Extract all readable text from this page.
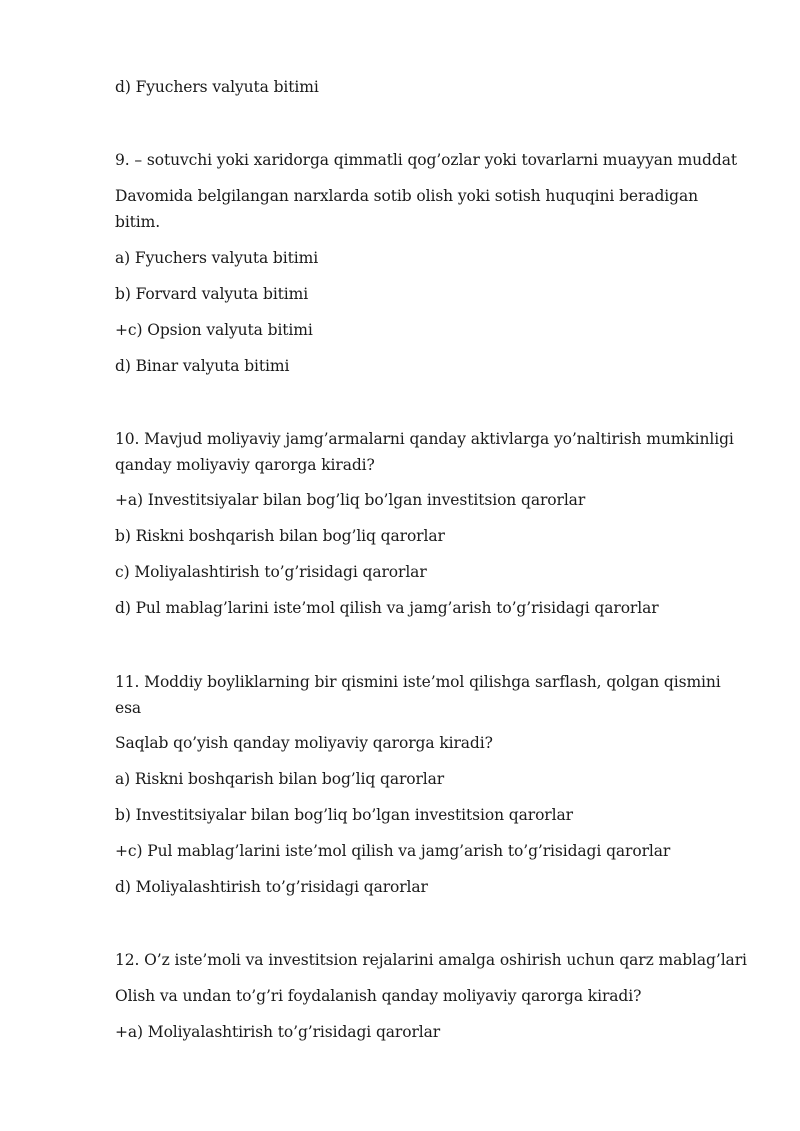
d) Fyuchers valyuta bitimi
9. – sotuvchi yoki xaridorga qimmatli qog’ozlar yoki tovarlarni muayyan muddat
Davomida belgilangan narxlarda sotib olish yoki sotish huquqini beradigan bitim.
a) Fyuchers valyuta bitimi
b) Forvard valyuta bitimi
+c) Opsion valyuta bitimi
d) Binar valyuta bitimi
10. Mavjud moliyaviy jamg’armalarni qanday aktivlarga yo’naltirish mumkinligi qanday moliyaviy qarorga kiradi?
+a) Investitsiyalar bilan bog’liq bo’lgan investitsion qarorlar
b) Riskni boshqarish bilan bog’liq qarorlar
c) Moliyalashtirish to’g’risidagi qarorlar
d) Pul mablag’larini iste’mol qilish va jamg’arish to’g’risidagi qarorlar
11. Moddiy boyliklarning bir qismini iste’mol qilishga sarflash, qolgan qismini esa
Saqlab qo’yish qanday moliyaviy qarorga kiradi?
a) Riskni boshqarish bilan bog’liq qarorlar
b) Investitsiyalar bilan bog’liq bo’lgan investitsion qarorlar
+c) Pul mablag’larini iste’mol qilish va jamg’arish to’g’risidagi qarorlar
d) Moliyalashtirish to’g’risidagi qarorlar
12. O’z iste’moli va investitsion rejalarini amalga oshirish uchun qarz mablag’lari
Olish va undan to’g’ri foydalanish qanday moliyaviy qarorga kiradi?
+a) Moliyalashtirish to’g’risidagi qarorlar
